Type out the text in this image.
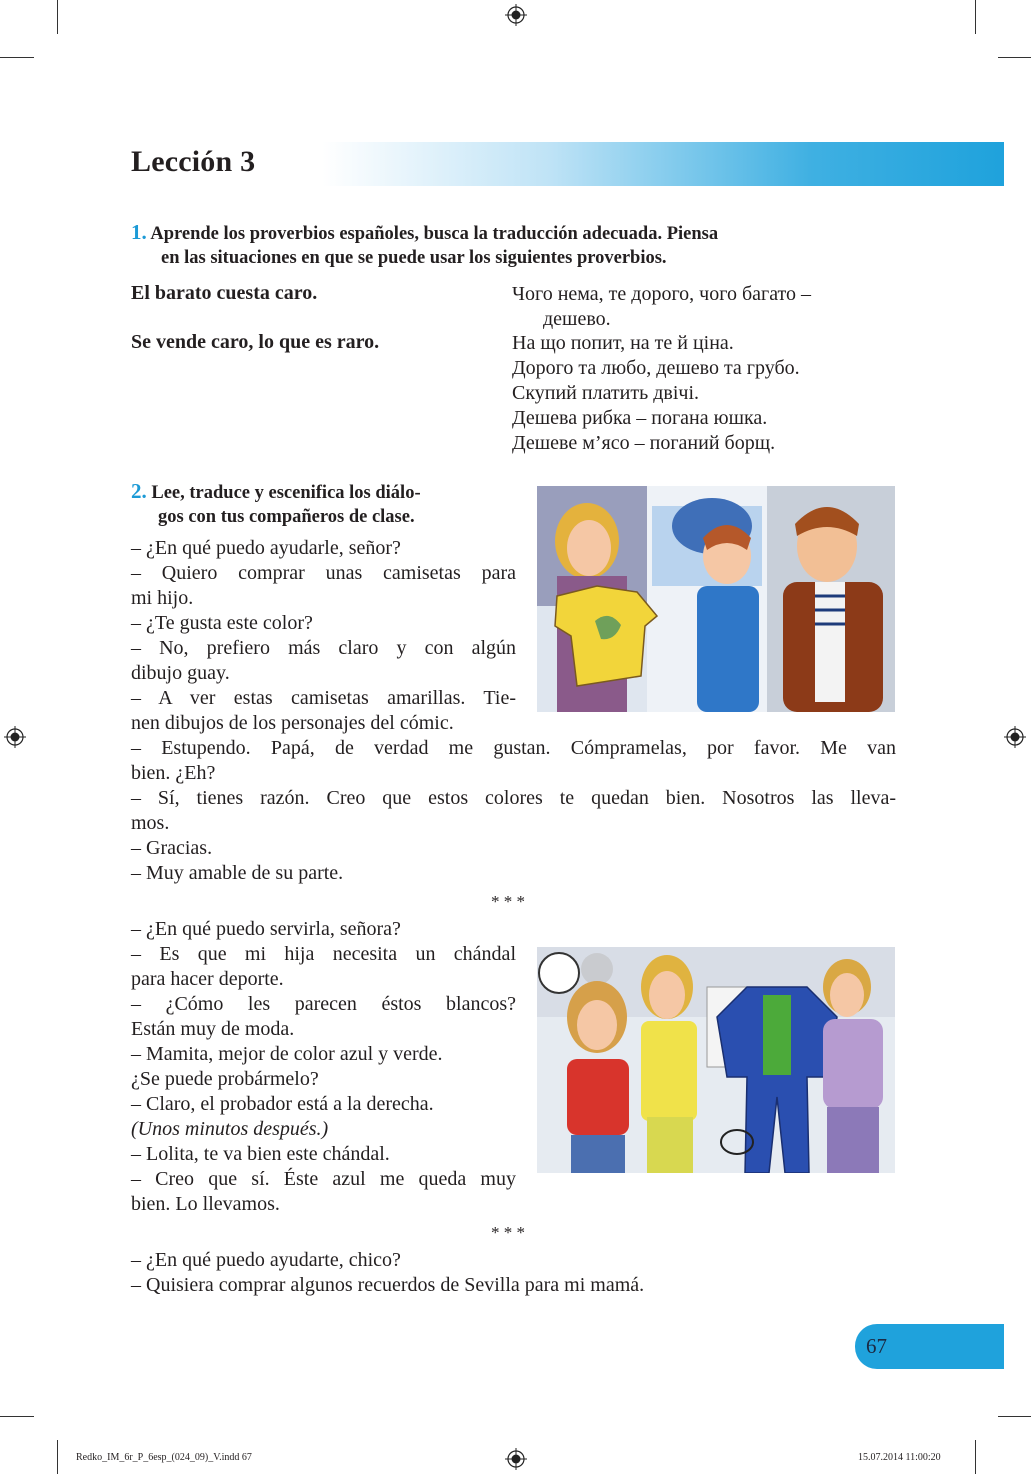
Lección 3
1. Aprende los proverbios españoles, busca la traducción adecuada. Piensa
en las situaciones en que se puede usar los siguientes proverbios.
El barato cuesta caro.
Se vende caro, lo que es raro.
Чого нема, те дорого, чого багато –
дешево.
На що попит, на те й ціна.
Дорого та любо, дешево та грубо.
Скупий платить двічі.
Дешева рибка – погана юшка.
Дешеве м’ясо – поганий борщ.
2. Lee, traduce y escenifica los diálo-
gos con tus compañeros de clase.
– ¿En qué puedo ayudarle, señor?
– Quiero comprar unas camisetas para
mi hijo.
– ¿Te gusta este color?
– No, prefiero más claro y con algún
dibujo guay.
– A ver estas camisetas amarillas. Tie-
nen dibujos de los personajes del cómic.
– Estupendo. Papá, de verdad me gustan. Cómpramelas, por favor. Me van
bien. ¿Eh?
– Sí, tienes razón. Creo que estos colores te quedan bien. Nosotros las lleva-
mos.
– Gracias.
– Muy amable de su parte.
* * *
– ¿En qué puedo servirla, señora?
– Es que mi hija necesita un chándal
para hacer deporte.
– ¿Cómo les parecen éstos blancos?
Están muy de moda.
– Mamita, mejor de color azul y verde.
¿Se puede probármelo?
– Claro, el probador está a la derecha.
(Unos minutos después.)
– Lolita, te va bien este chándal.
– Creo que sí. Éste azul me queda muy
bien. Lo llevamos.
* * *
– ¿En qué puedo ayudarte, chico?
– Quisiera comprar algunos recuerdos de Sevilla para mi mamá.
67
Redko_IM_6r_P_6esp_(024_09)_V.indd 67	15.07.2014 11:00:20
